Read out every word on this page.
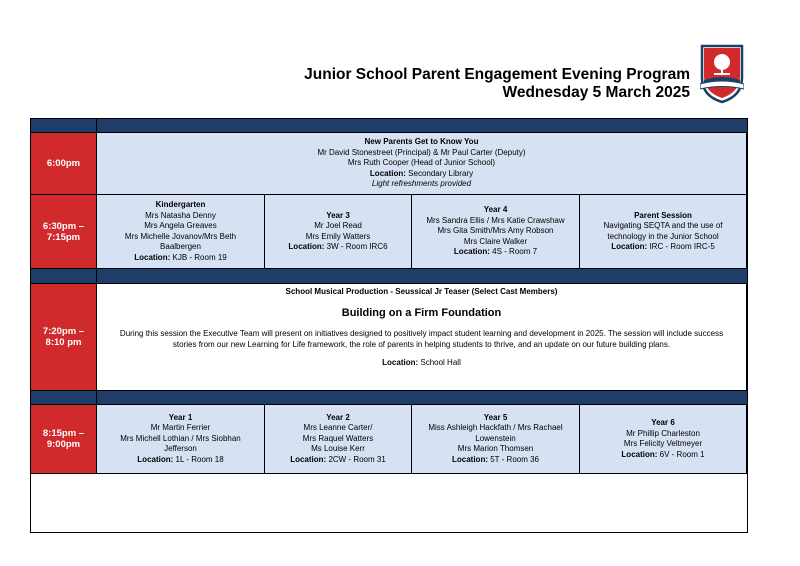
Junior School Parent Engagement Evening Program
Wednesday 5 March 2025
6:00pm
New Parents Get to Know You
Mr David Stonestreet (Principal) & Mr Paul Carter (Deputy)
Mrs Ruth Cooper (Head of Junior School)
Location: Secondary Library
Light refreshments provided
6:30pm –
7:15pm
Kindergarten
Mrs Natasha Denny
Mrs Angela Greaves
Mrs Michelle Jovanov/Mrs Beth
Baalbergen
Location: KJB - Room 19
Year 3
Mr Joel Read
Mrs Emily Watters
Location: 3W - Room IRC6
Year 4
Mrs Sandra Ellis / Mrs Katie Crawshaw
Mrs Gita Smith/Mrs Amy Robson
Mrs Claire Walker
Location: 4S - Room 7
Parent Session
Navigating SEQTA and the use of
technology in the Junior School
Location: IRC - Room IRC-5
7:20pm –
8:10 pm
School Musical Production - Seussical Jr Teaser (Select Cast Members)
Building on a Firm Foundation
During this session the Executive Team will present on initiatives designed to positively impact student learning and development in 2025. The session will include success stories from our new Learning for Life framework, the role of parents in helping students to thrive, and an update on our future building plans.
Location: School Hall
8:15pm –
9:00pm
Year 1
Mr Martin Ferrier
Mrs Michell Lothian / Mrs Siobhan
Jefferson
Location: 1L - Room 18
Year 2
Mrs Leanne Carter/
Mrs Raquel Watters
Ms Louise Kerr
Location: 2CW - Room 31
Year 5
Miss Ashleigh Hackfath / Mrs Rachael
Lowenstein
Mrs Marion Thomsen
Location: 5T - Room 36
Year 6
Mr Phillip Charleston
Mrs Felicity Veltmeyer
Location: 6V - Room 1
